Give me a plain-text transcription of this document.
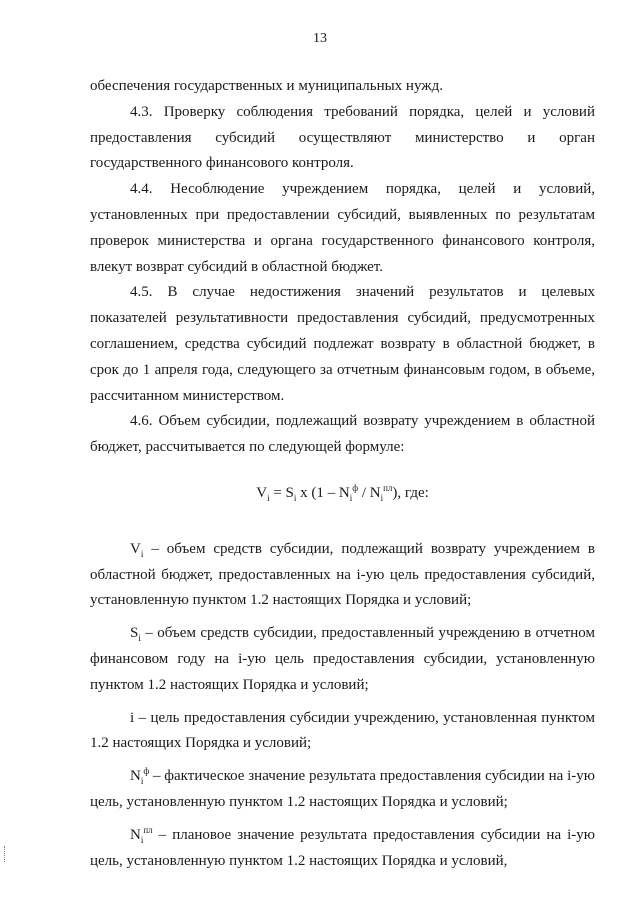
13

обеспечения государственных и муниципальных нужд.

4.3. Проверку соблюдения требований порядка, целей и условий предоставления субсидий осуществляют министерство и орган государственного финансового контроля.

4.4. Несоблюдение учреждением порядка, целей и условий, установленных при предоставлении субсидий, выявленных по результатам проверок министерства и органа государственного финансового контроля, влекут возврат субсидий в областной бюджет.

4.5. В случае недостижения значений результатов и целевых показателей результативности предоставления субсидий, предусмотренных соглашением, средства субсидий подлежат возврату в областной бюджет, в срок до 1 апреля года, следующего за отчетным финансовым годом, в объеме, рассчитанном министерством.

4.6. Объем субсидии, подлежащий возврату учреждением в областной бюджет, рассчитывается по следующей формуле:

$V_i = S_i$ x $(1 - N_i^ф / N_i^{пл})$, где:

$V_i$ – объем средств субсидии, подлежащий возврату учреждением в областной бюджет, предоставленных на i-ую цель предоставления субсидий, установленную пунктом 1.2 настоящих Порядка и условий;

$S_i$ – объем средств субсидии, предоставленный учреждению в отчетном финансовом году на i-ую цель предоставления субсидии, установленную пунктом 1.2 настоящих Порядка и условий;

i – цель предоставления субсидии учреждению, установленная пунктом 1.2 настоящих Порядка и условий;

$N_i^ф$ – фактическое значение результата предоставления субсидии на i-ую цель, установленную пунктом 1.2 настоящих Порядка и условий;

$N_i^{пл}$ – плановое значение результата предоставления субсидии на i-ую цель, установленную пунктом 1.2 настоящих Порядка и условий,
